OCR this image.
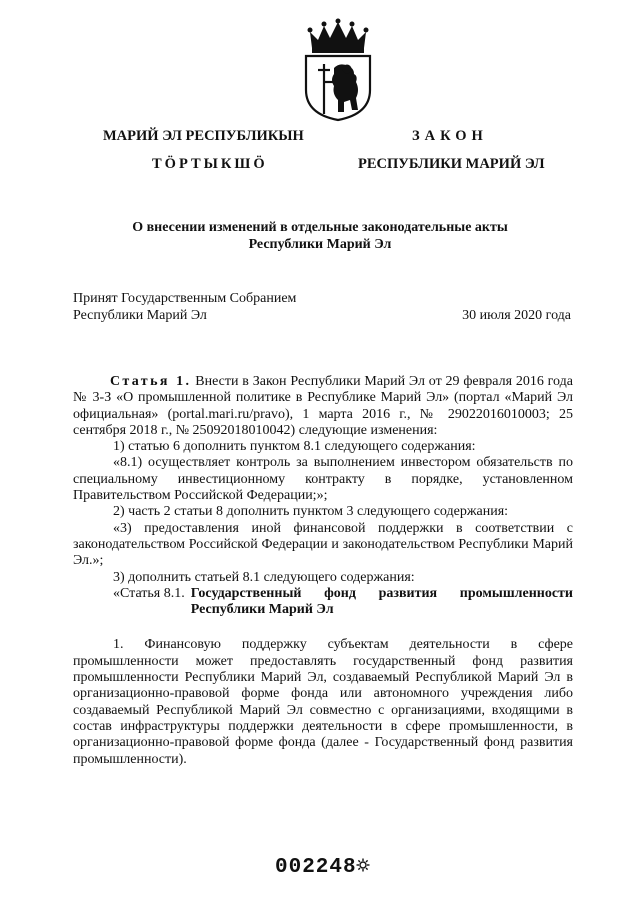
МАРИЙ ЭЛ РЕСПУБЛИКЫН
ТӦРТЫКШӦ
ЗАКОН
РЕСПУБЛИКИ МАРИЙ ЭЛ
О внесении изменений в отдельные законодательные акты
Республики Марий Эл
Принят Государственным Собранием
Республики Марий Эл	30 июля 2020 года

Статья 1. Внести в Закон Республики Марий Эл от 29 февраля 2016 года № 3-З «О промышленной политике в Республике Марий Эл» (портал «Марий Эл официальная» (portal.mari.ru/pravo), 1 марта 2016 г., № 29022016010003; 25 сентября 2018 г., № 25092018010042) следующие изменения:

1) статью 6 дополнить пунктом 8.1 следующего содержания:

«8.1) осуществляет контроль за выполнением инвестором обязательств по специальному инвестиционному контракту в порядке, установленном Правительством Российской Федерации;»;

2) часть 2 статьи 8 дополнить пунктом 3 следующего содержания:

«3) предоставления иной финансовой поддержки в соответствии с законодательством Российской Федерации и законодательством Республики Марий Эл.»;

3) дополнить статьей 8.1 следующего содержания:

«Статья 8.1. Государственный фонд развития промышленности Республики Марий Эл

1. Финансовую поддержку субъектам деятельности в сфере промышленности может предоставлять государственный фонд развития промышленности Республики Марий Эл, создаваемый Республикой Марий Эл в организационно-правовой форме фонда или автономного учреждения либо создаваемый Республикой Марий Эл совместно с организациями, входящими в состав инфраструктуры поддержки деятельности в сфере промышленности, в организационно-правовой форме фонда (далее - Государственный фонд развития промышленности).

002248
